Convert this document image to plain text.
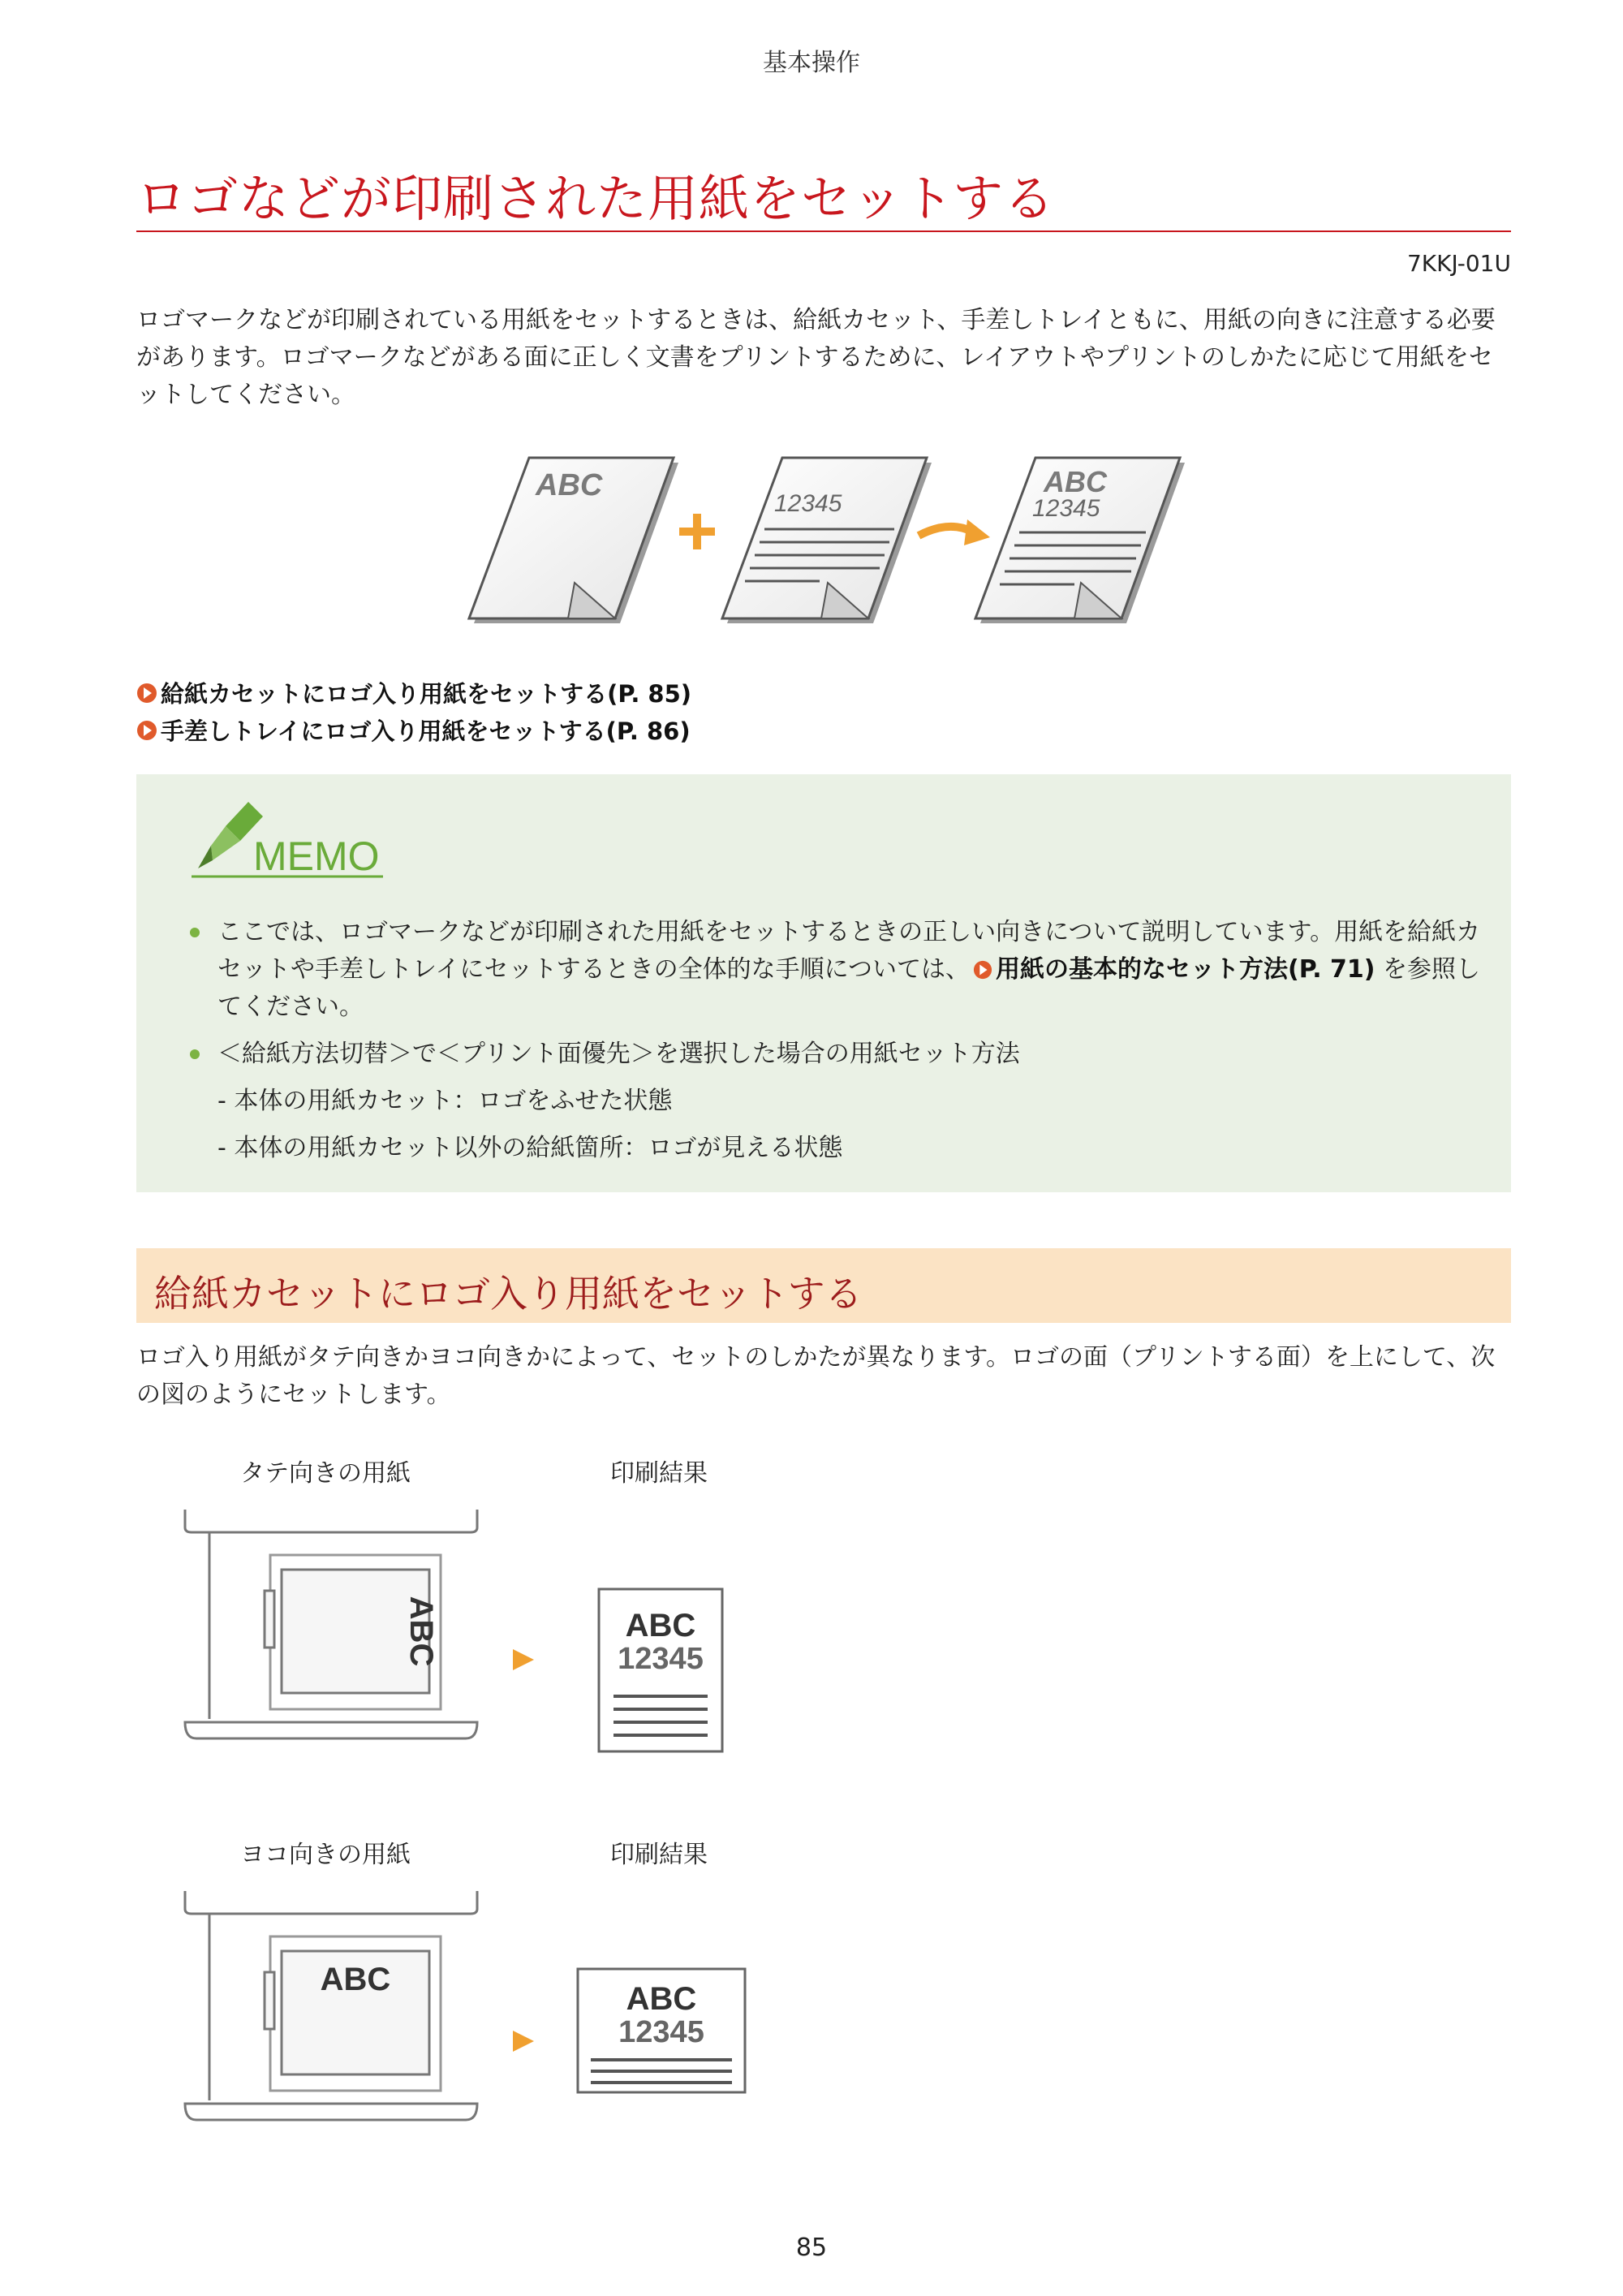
基本操作
ロゴなどが印刷された用紙をセットする
7KKJ-01U
ロゴマークなどが印刷されている用紙をセットするときは、給紙カセット、手差しトレイともに、用紙の向きに注意する必要があります。ロゴマークなどがある面に正しく文書をプリントするために、レイアウトやプリントのしかたに応じて用紙をセットしてください。
ABC
12345
ABC
12345
給紙カセットにロゴ入り用紙をセットする(P. 85)
手差しトレイにロゴ入り用紙をセットする(P. 86)
MEMO
ここでは、ロゴマークなどが印刷された用紙をセットするときの正しい向きについて説明しています。用紙を給紙カセットや手差しトレイにセットするときの全体的な手順については、 用紙の基本的なセット方法(P. 71) を参照してください。
＜給紙方法切替＞で＜プリント面優先＞を選択した場合の用紙セット方法
- 本体の用紙カセット：ロゴをふせた状態
- 本体の用紙カセット以外の給紙箇所：ロゴが見える状態
給紙カセットにロゴ入り用紙をセットする
ロゴ入り用紙がタテ向きかヨコ向きかによって、セットのしかたが異なります。ロゴの面（プリントする面）を上にして、次の図のようにセットします。
タテ向きの用紙	印刷結果
ABC	ABC
12345
ヨコ向きの用紙	印刷結果
ABC
ABC
12345
85
